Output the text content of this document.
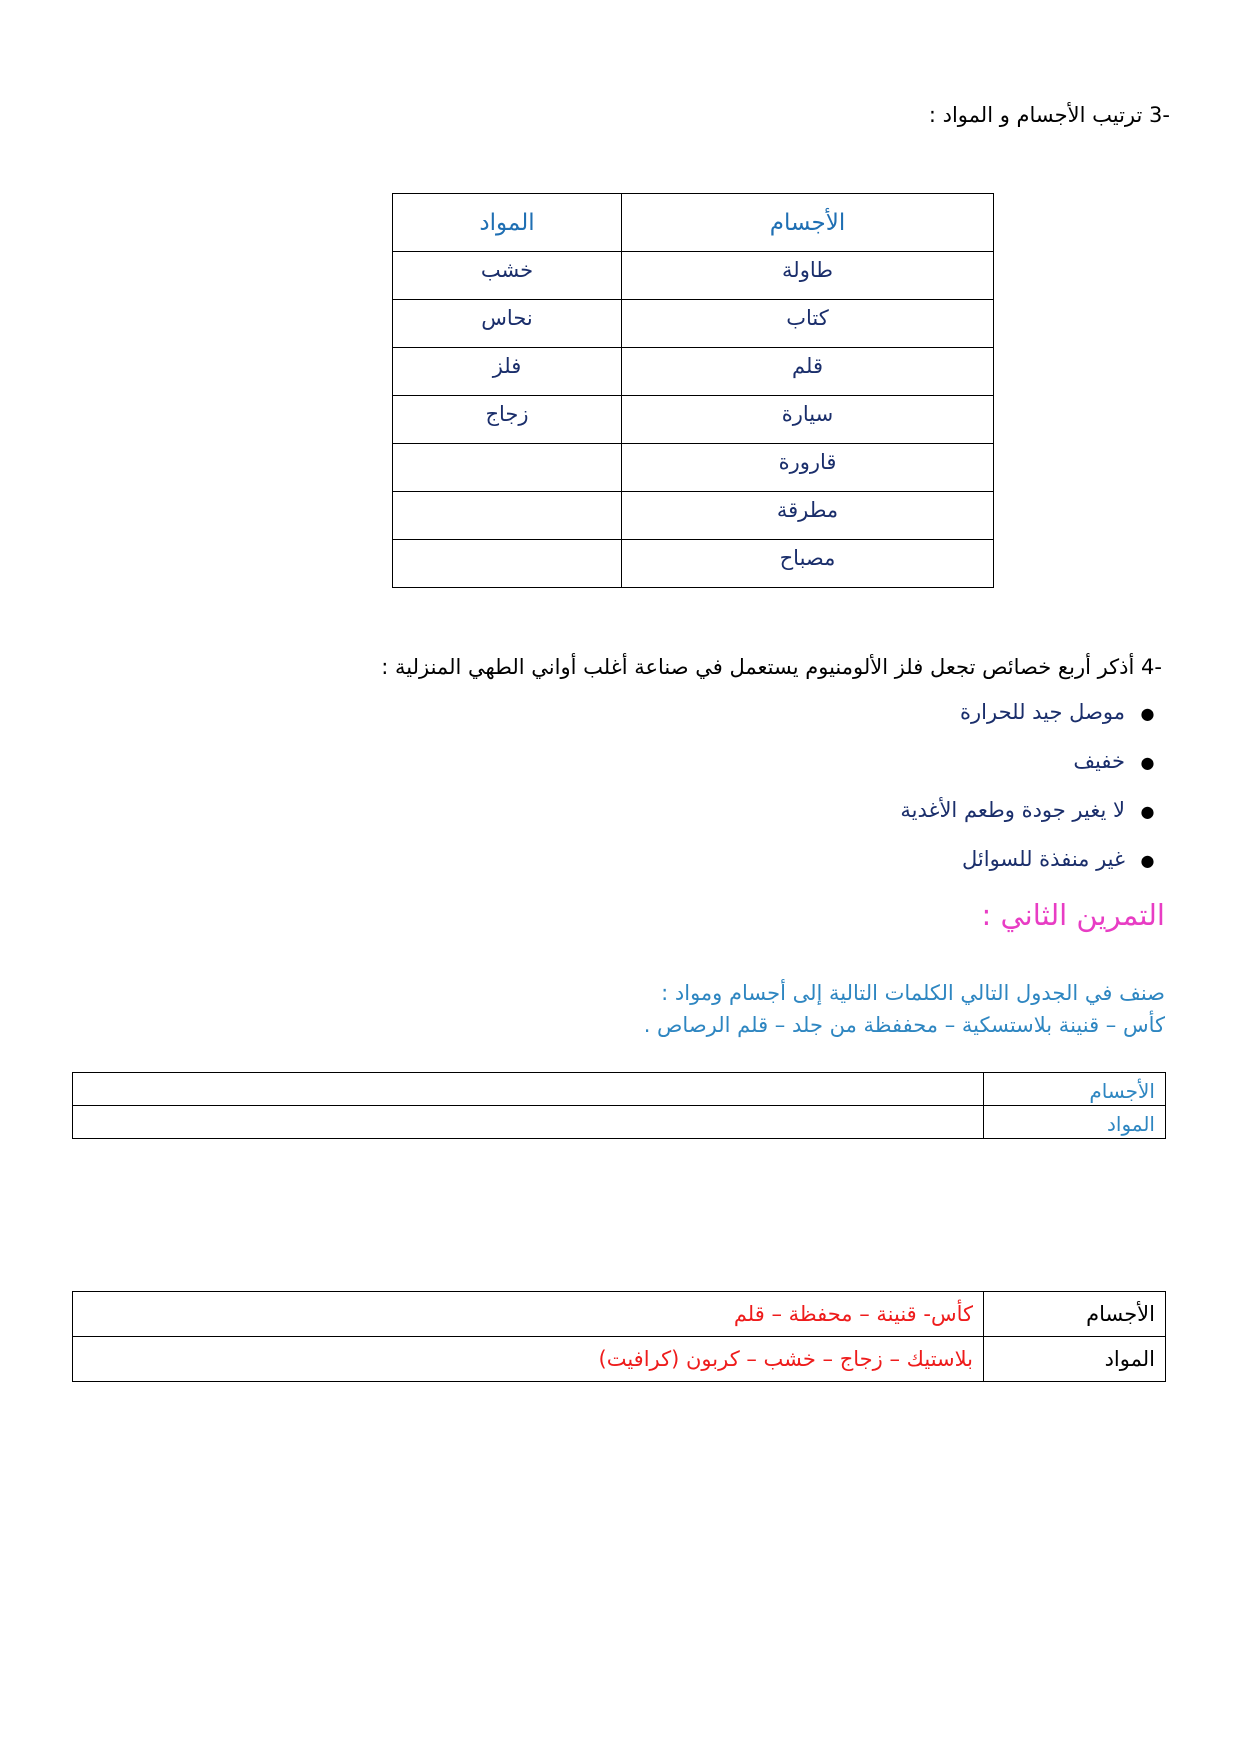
-3 ترتيب الأجسام و المواد :
الأجسام	المواد
طاولة	خشب
كتاب	نحاس
قلم	فلز
سيارة	زجاج
قارورة	
مطرقة	
مصباح	
-4 أذكر أربع خصائص تجعل فلز الألومنيوم يستعمل في صناعة أغلب أواني الطهي المنزلية :
●موصل جيد للحرارة
●خفيف
●لا يغير جودة وطعم الأغدية
●غير منفذة للسوائل
التمرين الثاني :
صنف في الجدول التالي الكلمات التالية إلى أجسام ومواد :
كأس – قنينة بلاستسكية – محففظة من جلد – قلم الرصاص .
الأجسام	
المواد	
الأجسام	كأس- قنينة – محفظة – قلم
المواد	بلاستيك – زجاج – خشب – كربون (كرافيت)
